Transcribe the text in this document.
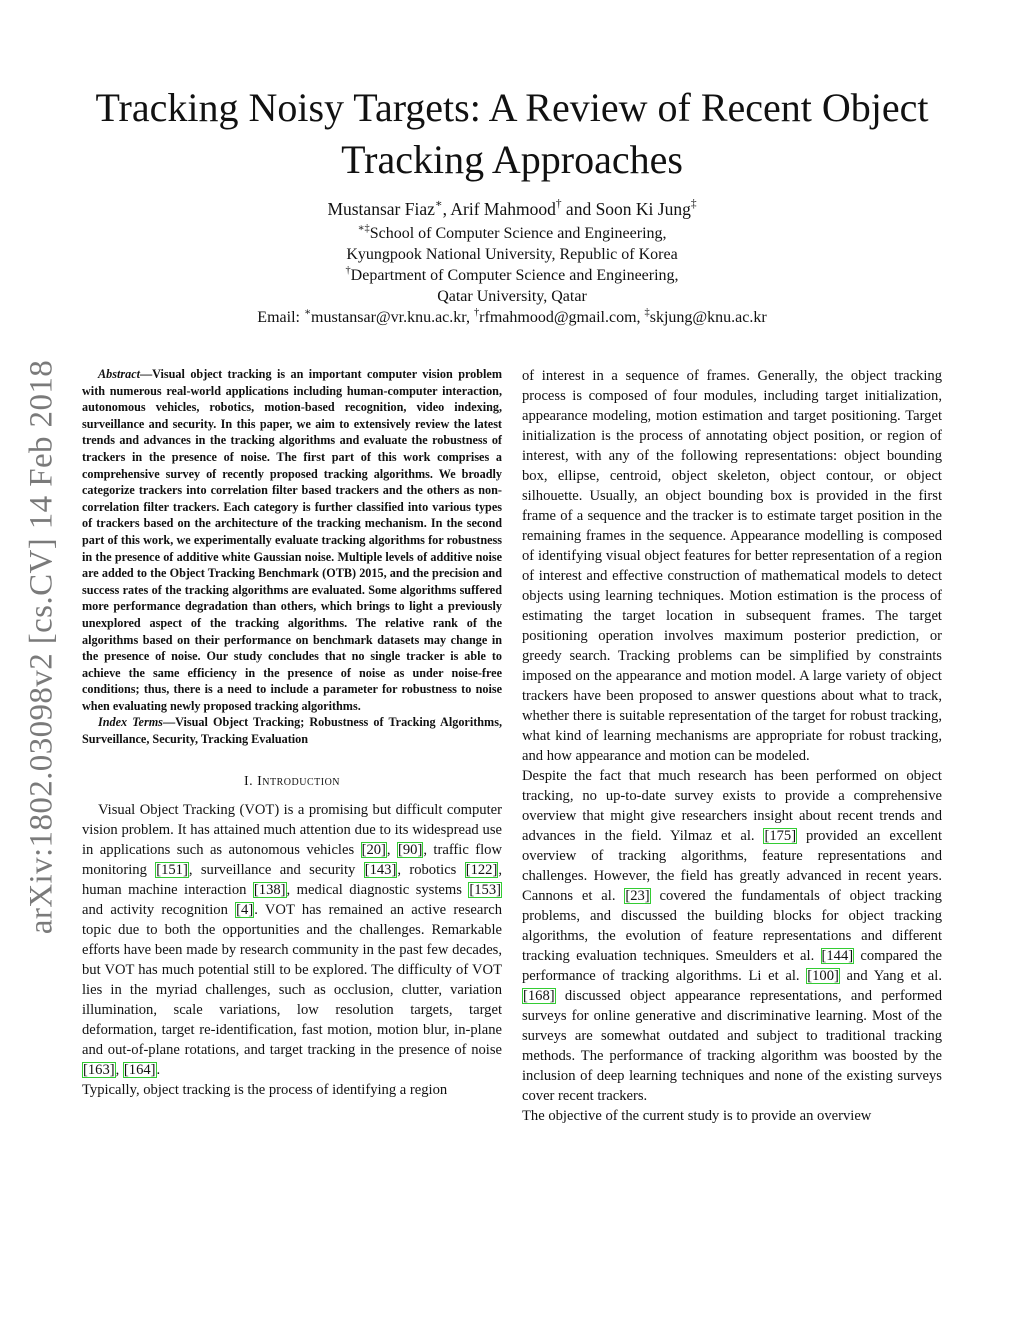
Tracking Noisy Targets: A Review of Recent Object Tracking Approaches
Mustansar Fiaz∗, Arif Mahmood† and Soon Ki Jung‡
∗‡School of Computer Science and Engineering,
Kyungpook National University, Republic of Korea
†Department of Computer Science and Engineering,
Qatar University, Qatar
Email: ∗mustansar@vr.knu.ac.kr, †rfmahmood@gmail.com, ‡skjung@knu.ac.kr
arXiv:1802.03098v2 [cs.CV] 14 Feb 2018	Abstract—Visual object tracking is an important computer vision problem with numerous real-world applications including human-computer interaction, autonomous vehicles, robotics, motion-based recognition, video indexing, surveillance and security. In this paper, we aim to extensively review the latest trends and advances in the tracking algorithms and evaluate the robustness of trackers in the presence of noise. The first part of this work comprises a comprehensive survey of recently proposed tracking algorithms. We broadly categorize trackers into correlation filter based trackers and the others as non-correlation filter trackers. Each category is further classified into various types of trackers based on the architecture of the tracking mechanism. In the second part of this work, we experimentally evaluate tracking algorithms for robustness in the presence of additive white Gaussian noise. Multiple levels of additive noise are added to the Object Tracking Benchmark (OTB) 2015, and the precision and success rates of the tracking algorithms are evaluated. Some algorithms suffered more performance degradation than others, which brings to light a previously unexplored aspect of the tracking algorithms. The relative rank of the algorithms based on their performance on benchmark datasets may change in the presence of noise. Our study concludes that no single tracker is able to achieve the same efficiency in the presence of noise as under noise-free conditions; thus, there is a need to include a parameter for robustness to noise when evaluating newly proposed tracking algorithms.

Index Terms—Visual Object Tracking; Robustness of Tracking Algorithms, Surveillance, Security, Tracking Evaluation

I. Introduction

Visual Object Tracking (VOT) is a promising but difficult computer vision problem. It has attained much attention due to its widespread use in applications such as autonomous vehicles [20], [90], traffic flow monitoring [151], surveillance and security [143], robotics [122], human machine interaction [138], medical diagnostic systems [153] and activity recognition [4]. VOT has remained an active research topic due to both the opportunities and the challenges. Remarkable efforts have been made by research community in the past few decades, but VOT has much potential still to be explored. The difficulty of VOT lies in the myriad challenges, such as occlusion, clutter, variation illumination, scale variations, low resolution targets, target deformation, target re-identification, fast motion, motion blur, in-plane and out-of-plane rotations, and target tracking in the presence of noise [163], [164].

Typically, object tracking is the process of identifying a region

of interest in a sequence of frames. Generally, the object tracking process is composed of four modules, including target initialization, appearance modeling, motion estimation and target positioning. Target initialization is the process of annotating object position, or region of interest, with any of the following representations: object bounding box, ellipse, centroid, object skeleton, object contour, or object silhouette. Usually, an object bounding box is provided in the first frame of a sequence and the tracker is to estimate target position in the remaining frames in the sequence. Appearance modelling is composed of identifying visual object features for better representation of a region of interest and effective construction of mathematical models to detect objects using learning techniques. Motion estimation is the process of estimating the target location in subsequent frames. The target positioning operation involves maximum posterior prediction, or greedy search. Tracking problems can be simplified by constraints imposed on the appearance and motion model. A large variety of object trackers have been proposed to answer questions about what to track, whether there is suitable representation of the target for robust tracking, what kind of learning mechanisms are appropriate for robust tracking, and how appearance and motion can be modeled.

Despite the fact that much research has been performed on object tracking, no up-to-date survey exists to provide a comprehensive overview that might give researchers insight about recent trends and advances in the field. Yilmaz et al. [175] provided an excellent overview of tracking algorithms, feature representations and challenges. However, the field has greatly advanced in recent years. Cannons et al. [23] covered the fundamentals of object tracking problems, and discussed the building blocks for object tracking algorithms, the evolution of feature representations and different tracking evaluation techniques. Smeulders et al. [144] compared the performance of tracking algorithms. Li et al. [100] and Yang et al. [168] discussed object appearance representations, and performed surveys for online generative and discriminative learning. Most of the surveys are somewhat outdated and subject to traditional tracking methods. The performance of tracking algorithm was boosted by the inclusion of deep learning techniques and none of the existing surveys cover recent trackers.

The objective of the current study is to provide an overview
